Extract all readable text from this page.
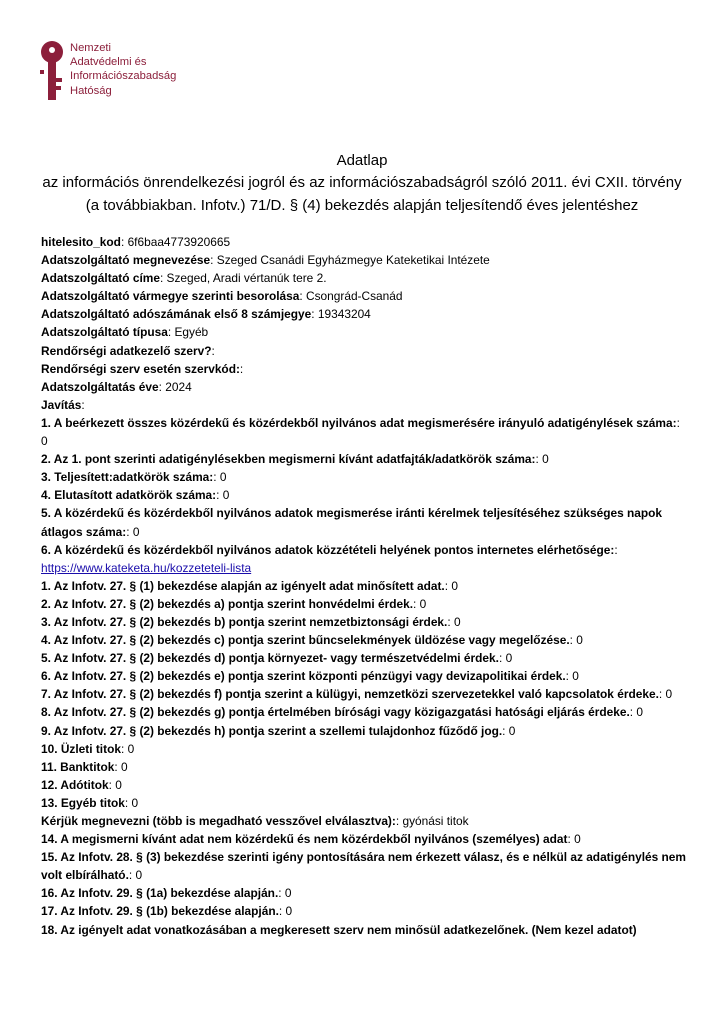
Nemzeti
Adatvédelmi és
Információszabadság
Hatóság
Adatlap
az információs önrendelkezési jogról és az információszabadságról szóló 2011. évi CXII. törvény (a továbbiakban. Infotv.) 71/D. § (4) bekezdés alapján teljesítendő éves jelentéshez

hitelesito_kod: 6f6baa4773920665

Adatszolgáltató megnevezése: Szeged Csanádi Egyházmegye Kateketikai Intézete

Adatszolgáltató címe: Szeged, Aradi vértanúk tere 2.

Adatszolgáltató vármegye szerinti besorolása: Csongrád-Csanád

Adatszolgáltató adószámának első 8 számjegye: 19343204

Adatszolgáltató típusa: Egyéb

Rendőrségi adatkezelő szerv?:

Rendőrségi szerv esetén szervkód::

Adatszolgáltatás éve: 2024

Javítás:

1. A beérkezett összes közérdekű és közérdekből nyilvános adat megismerésére irányuló adatigénylések száma:: 0

2. Az 1. pont szerinti adatigénylésekben megismerni kívánt adatfajták/adatkörök száma:: 0

3. Teljesített:adatkörök száma:: 0

4. Elutasított adatkörök száma:: 0

5. A közérdekű és közérdekből nyilvános adatok megismerése iránti kérelmek teljesítéséhez szükséges napok átlagos száma:: 0

6. A közérdekű és közérdekből nyilvános adatok közzétételi helyének pontos internetes elérhetősége:: https://www.kateketa.hu/kozzeteteli-lista

1. Az Infotv. 27. § (1) bekezdése alapján az igényelt adat minősített adat.: 0

2. Az Infotv. 27. § (2) bekezdés a) pontja szerint honvédelmi érdek.: 0

3. Az Infotv. 27. § (2) bekezdés b) pontja szerint nemzetbiztonsági érdek.: 0

4. Az Infotv. 27. § (2) bekezdés c) pontja szerint bűncselekmények üldözése vagy megelőzése.: 0

5. Az Infotv. 27. § (2) bekezdés d) pontja környezet- vagy természetvédelmi érdek.: 0

6. Az Infotv. 27. § (2) bekezdés e) pontja szerint központi pénzügyi vagy devizapolitikai érdek.: 0

7. Az Infotv. 27. § (2) bekezdés f) pontja szerint a külügyi, nemzetközi szervezetekkel való kapcsolatok érdeke.: 0

8. Az Infotv. 27. § (2) bekezdés g) pontja értelmében bírósági vagy közigazgatási hatósági eljárás érdeke.: 0

9. Az Infotv. 27. § (2) bekezdés h) pontja szerint a szellemi tulajdonhoz fűződő jog.: 0

10. Üzleti titok: 0

11. Banktitok: 0

12. Adótitok: 0

13. Egyéb titok: 0

Kérjük megnevezni (több is megadható vesszővel elválasztva):: gyónási titok

14. A megismerni kívánt adat nem közérdekű és nem közérdekből nyilvános (személyes) adat: 0

15. Az Infotv. 28. § (3) bekezdése szerinti igény pontosítására nem érkezett válasz, és e nélkül az adatigénylés nem volt elbírálható.: 0

16. Az Infotv. 29. § (1a) bekezdése alapján.: 0

17. Az Infotv. 29. § (1b) bekezdése alapján.: 0

18. Az igényelt adat vonatkozásában a megkeresett szerv nem minősül adatkezelőnek. (Nem kezel adatot)
